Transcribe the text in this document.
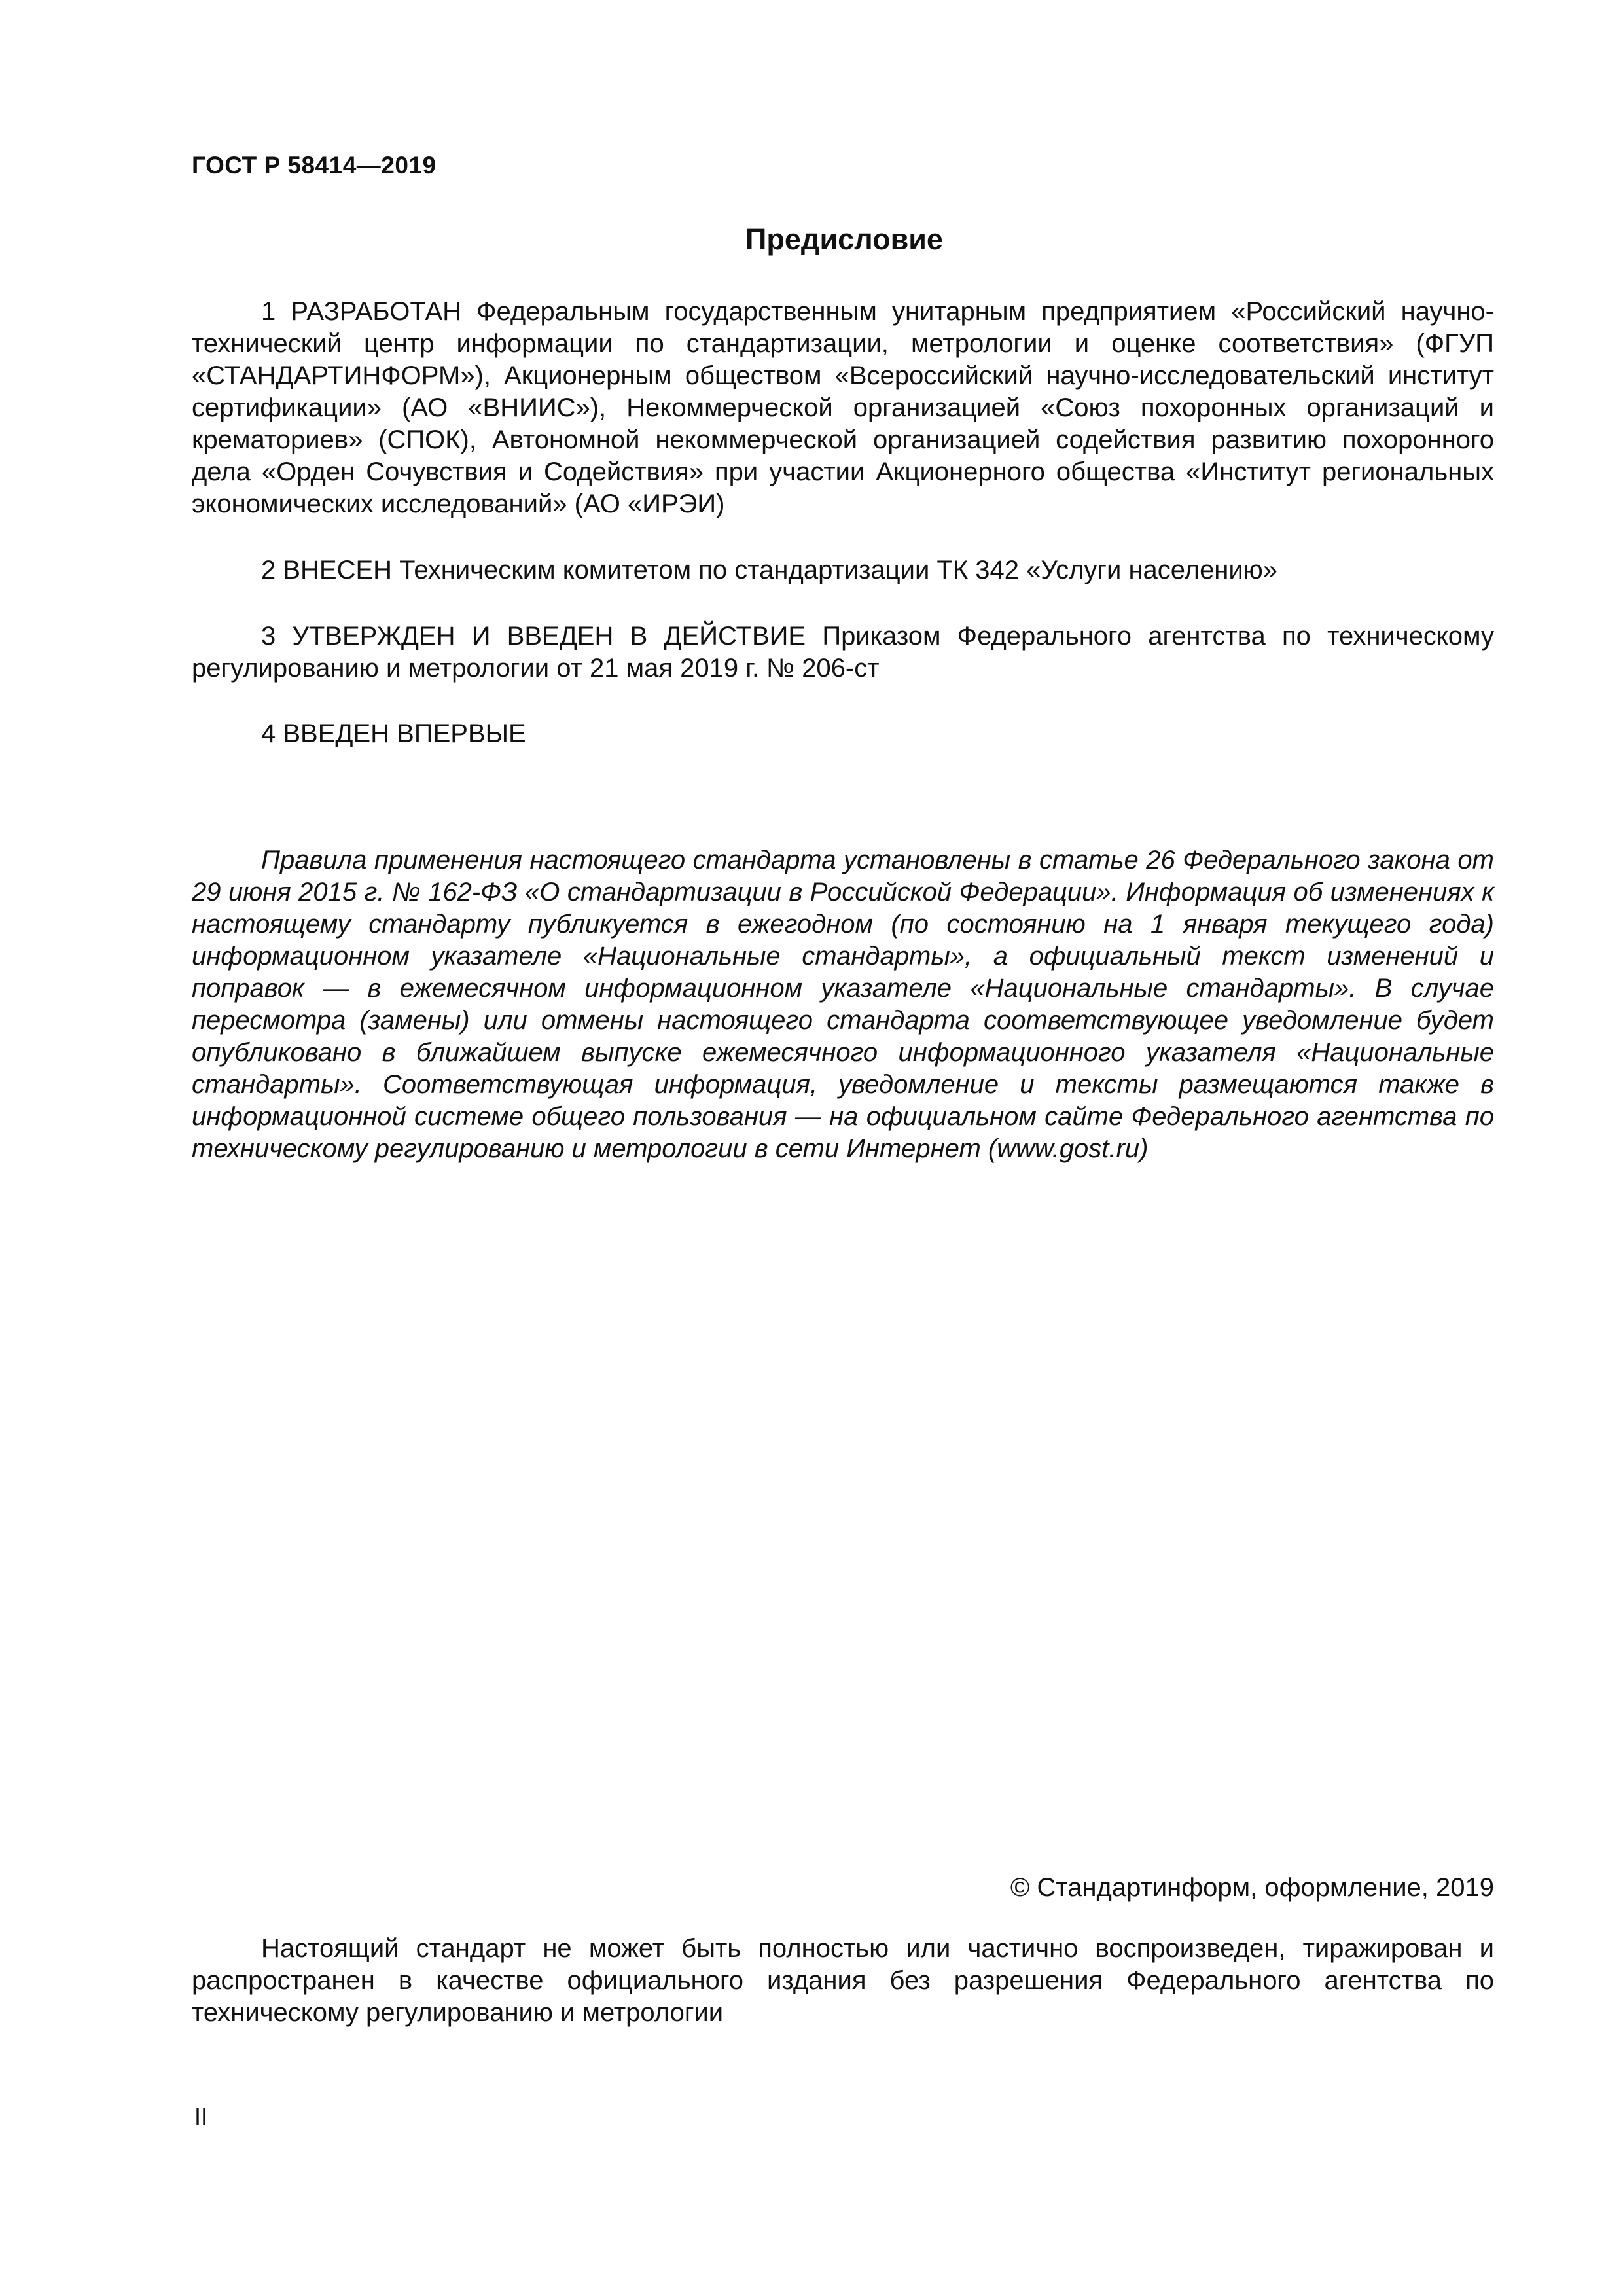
ГОСТ Р 58414—2019
Предисловие
1 РАЗРАБОТАН Федеральным государственным унитарным предприятием «Российский научно-технический центр информации по стандартизации, метрологии и оценке соответствия» (ФГУП «СТАНДАРТИНФОРМ»), Акционерным обществом «Всероссийский научно-исследовательский институт сертификации» (АО «ВНИИС»), Некоммерческой организацией «Союз похоронных организаций и крематориев» (СПОК), Автономной некоммерческой организацией содействия развитию похоронного дела «Орден Сочувствия и Содействия» при участии Акционерного общества «Институт региональных экономических исследований» (АО «ИРЭИ)
2 ВНЕСЕН Техническим комитетом по стандартизации ТК 342 «Услуги населению»
3 УТВЕРЖДЕН И ВВЕДЕН В ДЕЙСТВИЕ Приказом Федерального агентства по техническому регулированию и метрологии от 21 мая 2019 г. № 206-ст
4 ВВЕДЕН ВПЕРВЫЕ
Правила применения настоящего стандарта установлены в статье 26 Федерального закона от 29 июня 2015 г. № 162-ФЗ «О стандартизации в Российской Федерации». Информация об изменениях к настоящему стандарту публикуется в ежегодном (по состоянию на 1 января текущего года) информационном указателе «Национальные стандарты», а официальный текст изменений и поправок — в ежемесячном информационном указателе «Национальные стандарты». В случае пересмотра (замены) или отмены настоящего стандарта соответствующее уведомление будет опубликовано в ближайшем выпуске ежемесячного информационного указателя «Национальные стандарты». Соответствующая информация, уведомление и тексты размещаются также в информационной системе общего пользования — на официальном сайте Федерального агентства по техническому регулированию и метрологии в сети Интернет (www.gost.ru)
© Стандартинформ, оформление, 2019
Настоящий стандарт не может быть полностью или частично воспроизведен, тиражирован и распространен в качестве официального издания без разрешения Федерального агентства по техническому регулированию и метрологии
II
